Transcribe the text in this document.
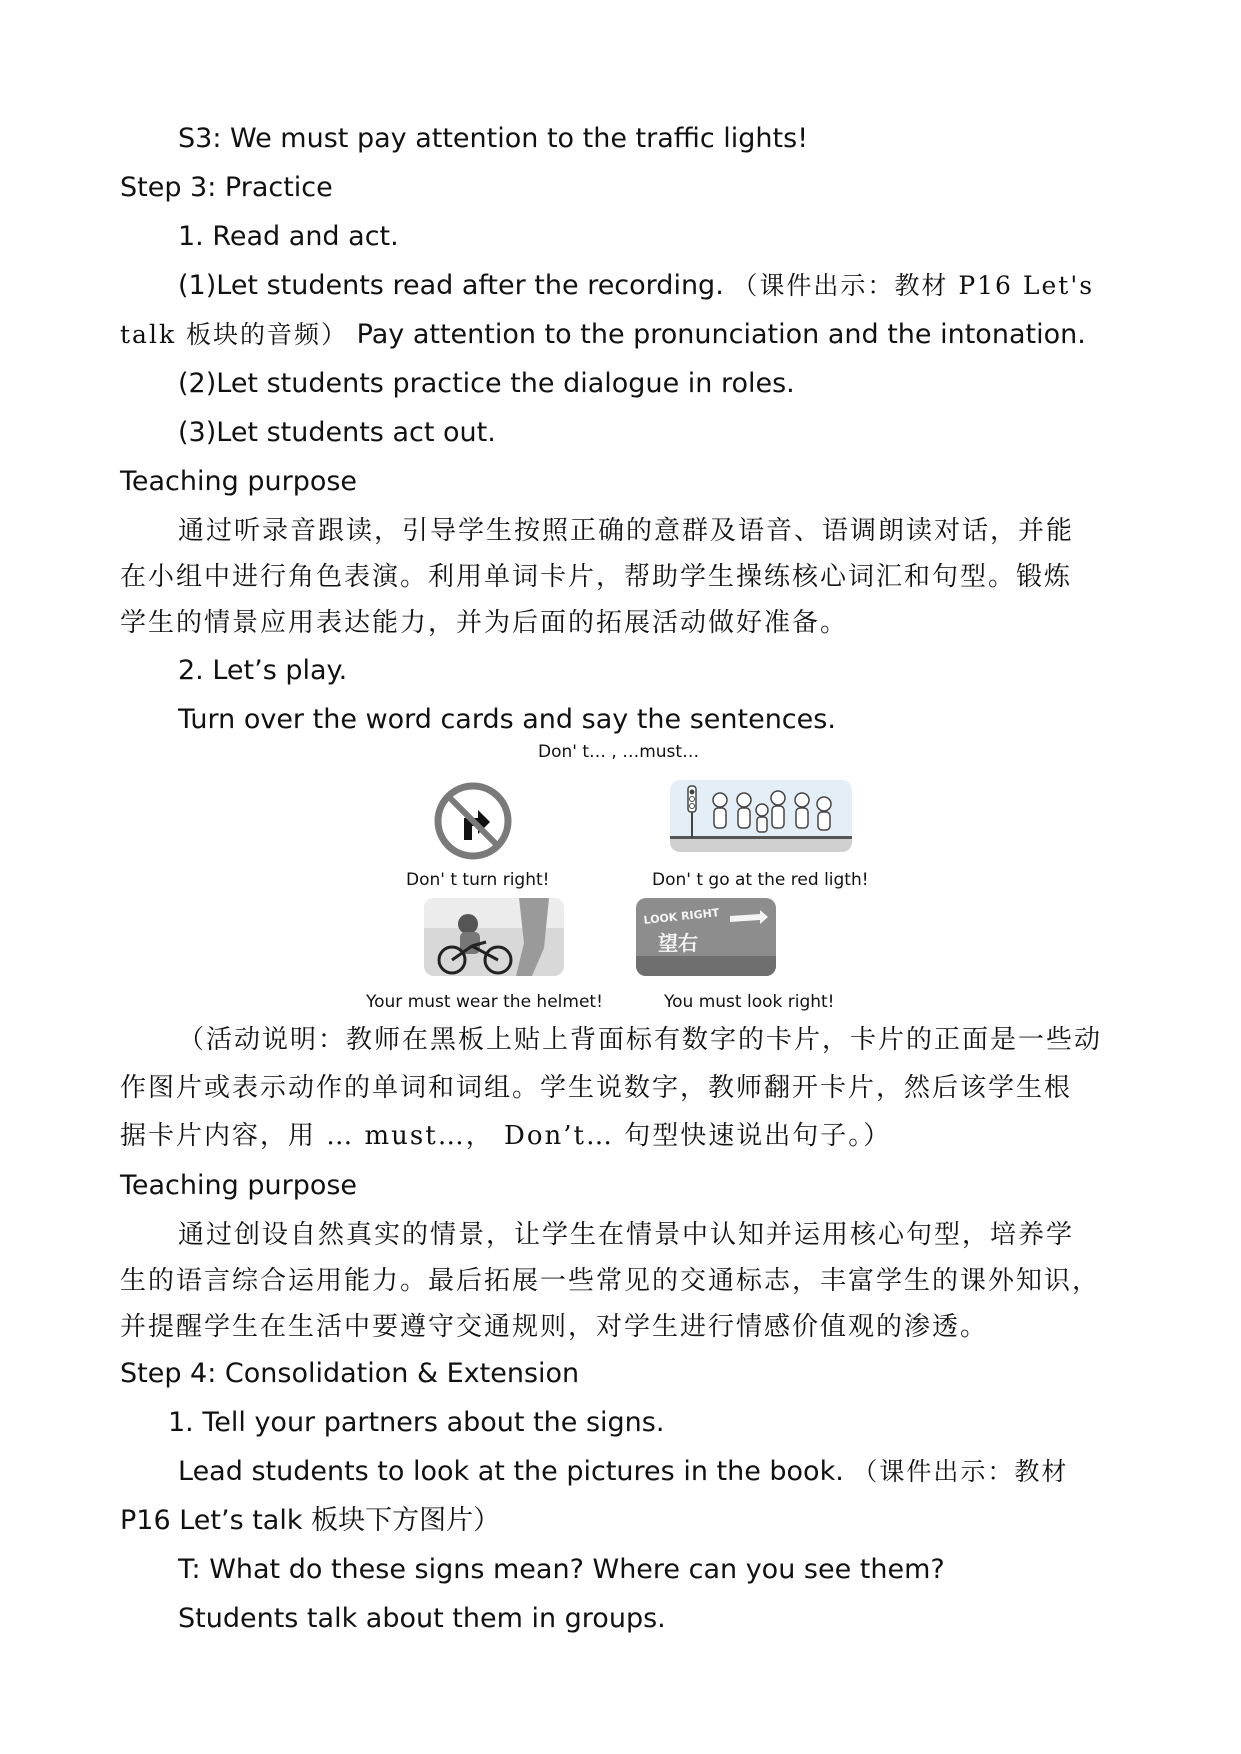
S3: We must pay attention to the traffic lights!
Step 3: Practice
1. Read and act.
(1)Let students read after the recording. （课件出示：教材 P16 Let's
talk 板块的音频） Pay attention to the pronunciation and the intonation.
(2)Let students practice the dialogue in roles.
(3)Let students act out.
Teaching purpose
通过听录音跟读，引导学生按照正确的意群及语音、语调朗读对话，并能
在小组中进行角色表演。利用单词卡片，帮助学生操练核心词汇和句型。锻炼
学生的情景应用表达能力，并为后面的拓展活动做好准备。
2. Let’s play.
Turn over the word cards and say the sentences.
Don' t… , …must…
Don' t turn right!	Don' t go at the red ligth!
LOOK RIGHT
望右
Your must wear the helmet!	You must look right!
（活动说明：教师在黑板上贴上背面标有数字的卡片，卡片的正面是一些动
作图片或表示动作的单词和词组。学生说数字，教师翻开卡片，然后该学生根
据卡片内容，用 … must…， Don’t… 句型快速说出句子。）
Teaching purpose
通过创设自然真实的情景，让学生在情景中认知并运用核心句型，培养学
生的语言综合运用能力。最后拓展一些常见的交通标志，丰富学生的课外知识，
并提醒学生在生活中要遵守交通规则，对学生进行情感价值观的渗透。
Step 4: Consolidation & Extension
1. Tell your partners about the signs.
Lead students to look at the pictures in the book. （课件出示：教材
P16 Let’s talk 板块下方图片）
T: What do these signs mean? Where can you see them?
Students talk about them in groups.
